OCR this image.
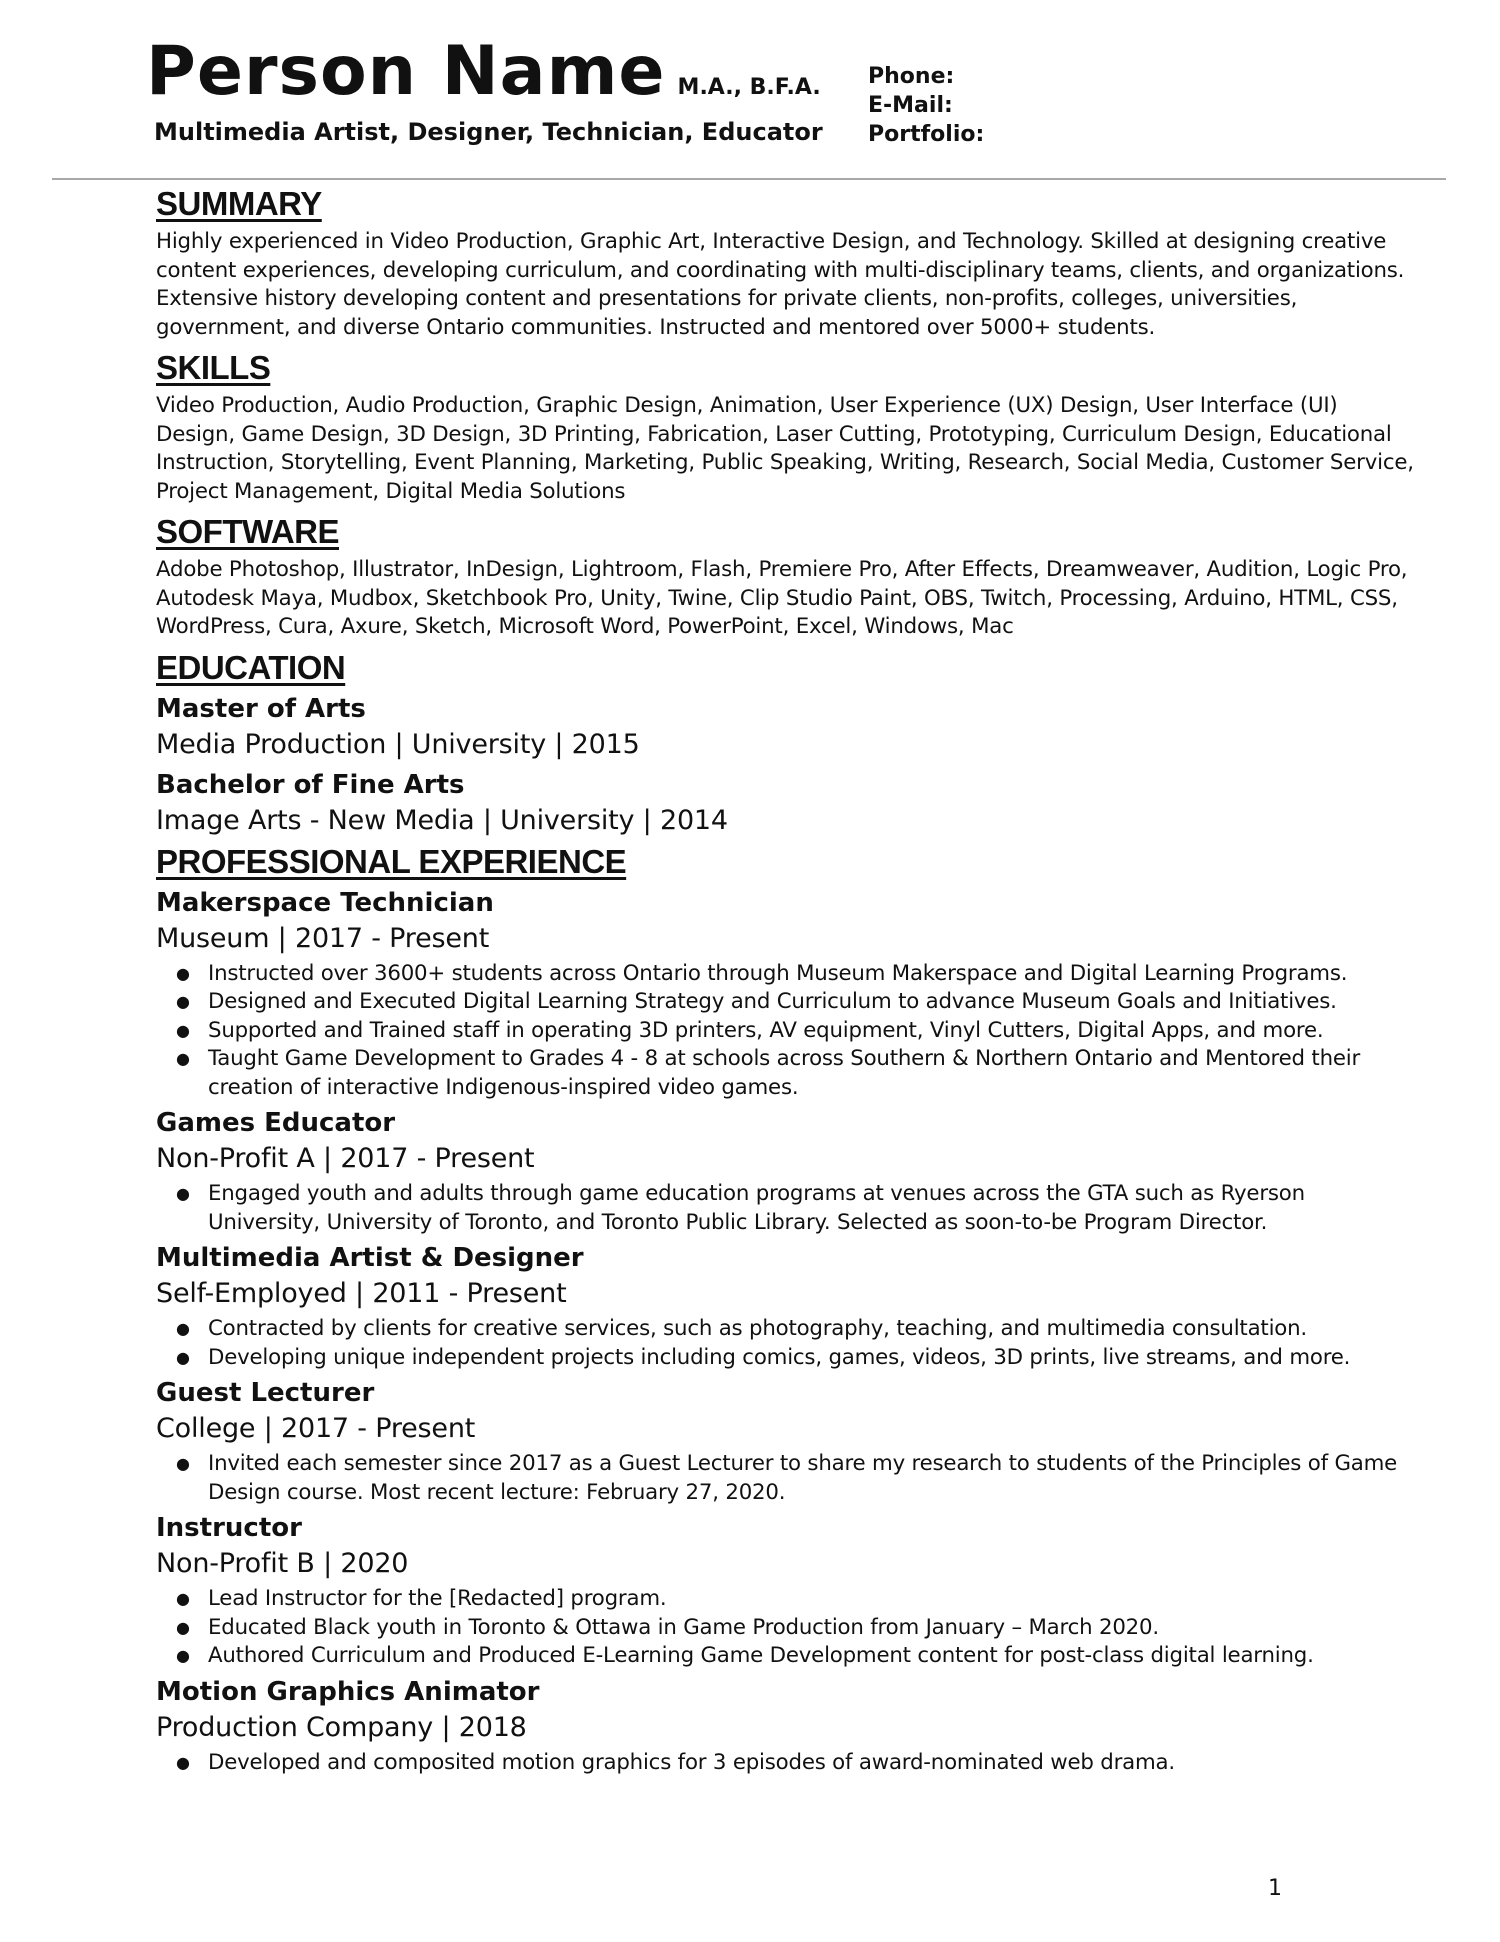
Person Name M.A., B.F.A.
Multimedia Artist, Designer, Technician, Educator
Phone:
E-Mail:
Portfolio:
SUMMARY

Highly experienced in Video Production, Graphic Art, Interactive Design, and Technology. Skilled at designing creative content experiences, developing curriculum, and coordinating with multi-disciplinary teams, clients, and organizations. Extensive history developing content and presentations for private clients, non-profits, colleges, universities, government, and diverse Ontario communities. Instructed and mentored over 5000+ students.

SKILLS

Video Production, Audio Production, Graphic Design, Animation, User Experience (UX) Design, User Interface (UI) Design, Game Design, 3D Design, 3D Printing, Fabrication, Laser Cutting, Prototyping, Curriculum Design, Educational Instruction, Storytelling, Event Planning, Marketing, Public Speaking, Writing, Research, Social Media, Customer Service, Project Management, Digital Media Solutions

SOFTWARE

Adobe Photoshop, Illustrator, InDesign, Lightroom, Flash, Premiere Pro, After Effects, Dreamweaver, Audition, Logic Pro, Autodesk Maya, Mudbox, Sketchbook Pro, Unity, Twine, Clip Studio Paint, OBS, Twitch, Processing, Arduino, HTML, CSS, WordPress, Cura, Axure, Sketch, Microsoft Word, PowerPoint, Excel, Windows, Mac

EDUCATION
Master of Arts
Media Production | University | 2015
Bachelor of Fine Arts
Image Arts - New Media | University | 2014
PROFESSIONAL EXPERIENCE
Makerspace Technician
Museum | 2017 - Present
● Instructed over 3600+ students across Ontario through Museum Makerspace and Digital Learning Programs.
● Designed and Executed Digital Learning Strategy and Curriculum to advance Museum Goals and Initiatives.
● Supported and Trained staff in operating 3D printers, AV equipment, Vinyl Cutters, Digital Apps, and more.
● Taught Game Development to Grades 4 - 8 at schools across Southern & Northern Ontario and Mentored their creation of interactive Indigenous-inspired video games.
Games Educator
Non-Profit A | 2017 - Present
● Engaged youth and adults through game education programs at venues across the GTA such as Ryerson University, University of Toronto, and Toronto Public Library. Selected as soon-to-be Program Director.
Multimedia Artist & Designer
Self-Employed | 2011 - Present
● Contracted by clients for creative services, such as photography, teaching, and multimedia consultation.
● Developing unique independent projects including comics, games, videos, 3D prints, live streams, and more.
Guest Lecturer
College | 2017 - Present
● Invited each semester since 2017 as a Guest Lecturer to share my research to students of the Principles of Game Design course. Most recent lecture: February 27, 2020.
Instructor
Non-Profit B | 2020
● Lead Instructor for the [Redacted] program.
● Educated Black youth in Toronto & Ottawa in Game Production from January – March 2020.
● Authored Curriculum and Produced E-Learning Game Development content for post-class digital learning.
Motion Graphics Animator
Production Company | 2018
● Developed and composited motion graphics for 3 episodes of award-nominated web drama.
1
